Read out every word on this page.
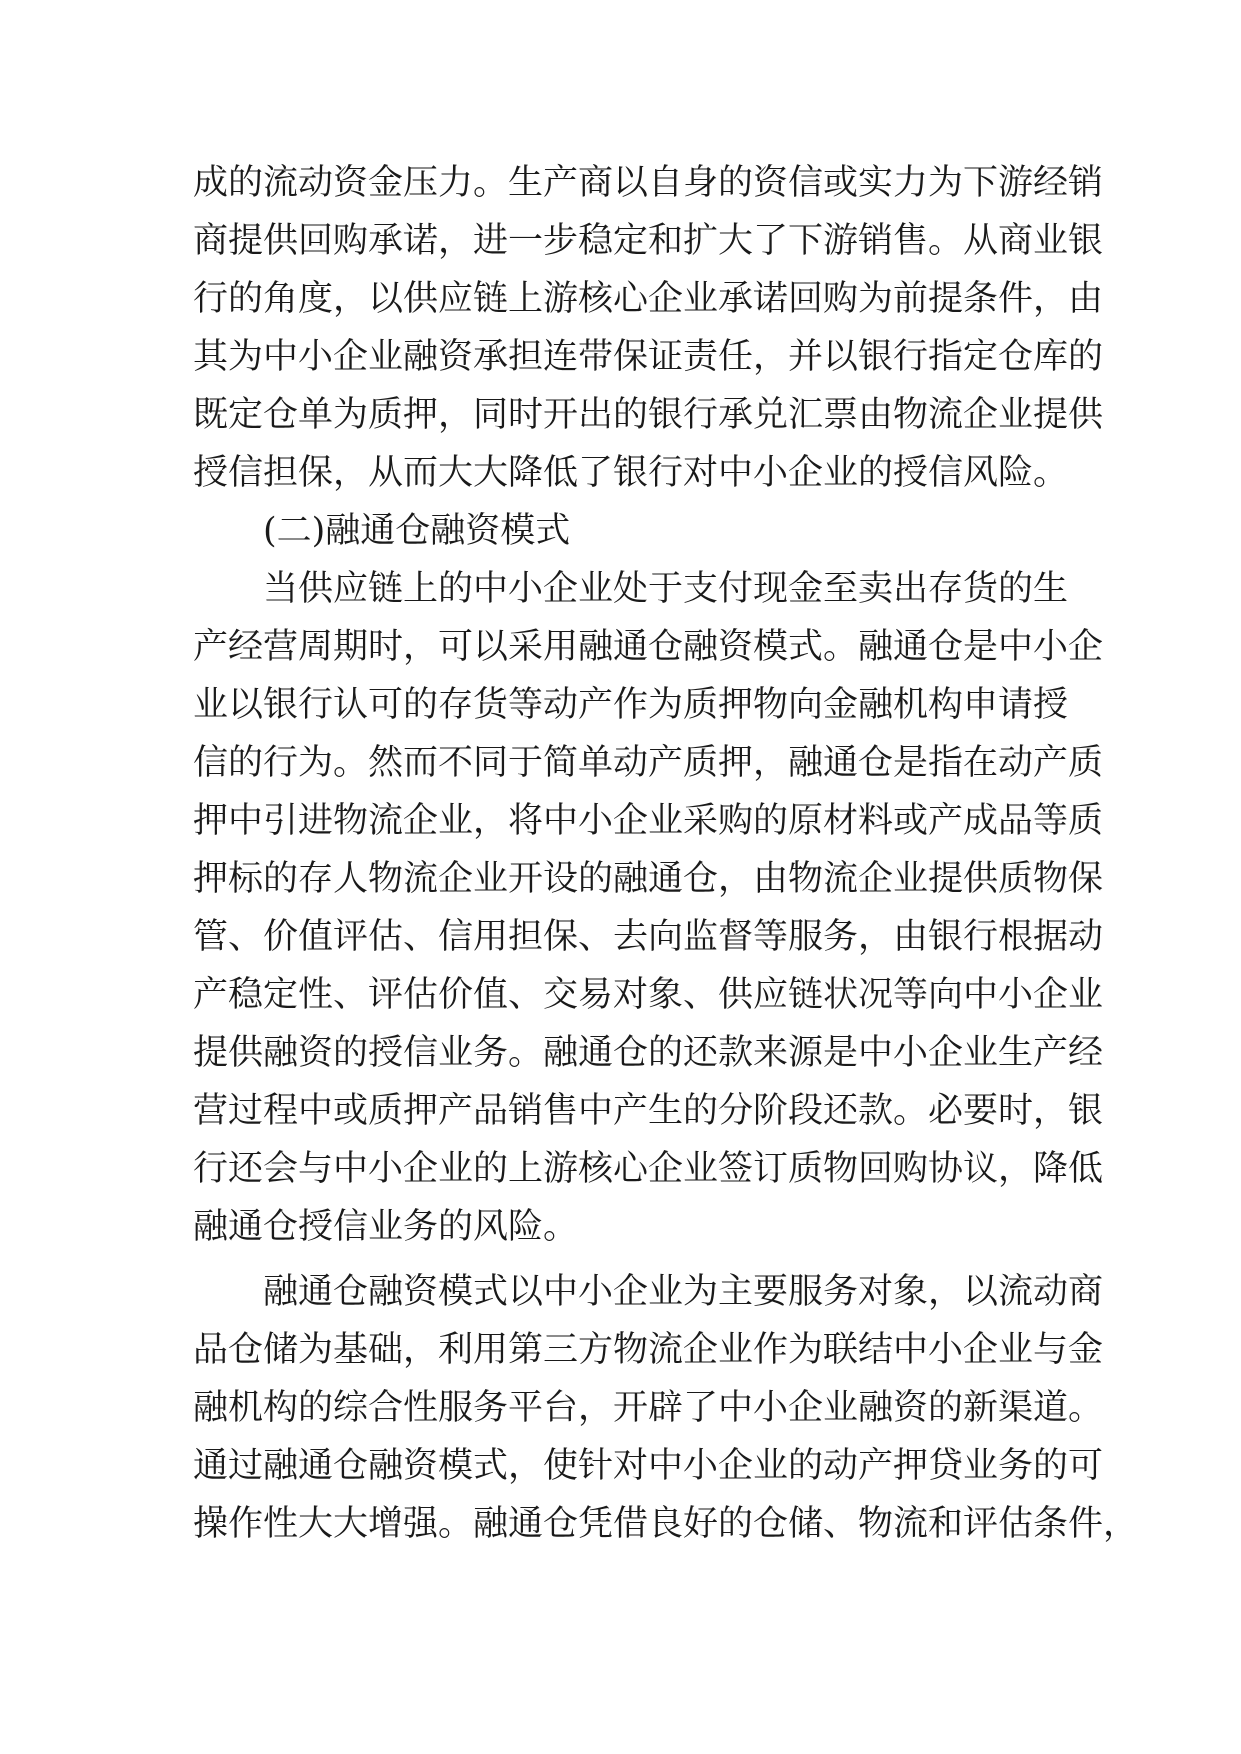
成的流动资金压力。生产商以自身的资信或实力为下游经销
商提供回购承诺，进一步稳定和扩大了下游销售。从商业银
行的角度，以供应链上游核心企业承诺回购为前提条件，由
其为中小企业融资承担连带保证责任，并以银行指定仓库的
既定仓单为质押，同时开出的银行承兑汇票由物流企业提供
授信担保，从而大大降低了银行对中小企业的授信风险。
(二)融通仓融资模式
当供应链上的中小企业处于支付现金至卖出存货的生
产经营周期时，可以采用融通仓融资模式。融通仓是中小企
业以银行认可的存货等动产作为质押物向金融机构申请授
信的行为。然而不同于简单动产质押，融通仓是指在动产质
押中引进物流企业，将中小企业采购的原材料或产成品等质
押标的存人物流企业开设的融通仓，由物流企业提供质物保
管、价值评估、信用担保、去向监督等服务，由银行根据动
产稳定性、评估价值、交易对象、供应链状况等向中小企业
提供融资的授信业务。融通仓的还款来源是中小企业生产经
营过程中或质押产品销售中产生的分阶段还款。必要时，银
行还会与中小企业的上游核心企业签订质物回购协议，降低
融通仓授信业务的风险。
融通仓融资模式以中小企业为主要服务对象，以流动商
品仓储为基础，利用第三方物流企业作为联结中小企业与金
融机构的综合性服务平台，开辟了中小企业融资的新渠道。
通过融通仓融资模式，使针对中小企业的动产押贷业务的可
操作性大大增强。融通仓凭借良好的仓储、物流和评估条件，
